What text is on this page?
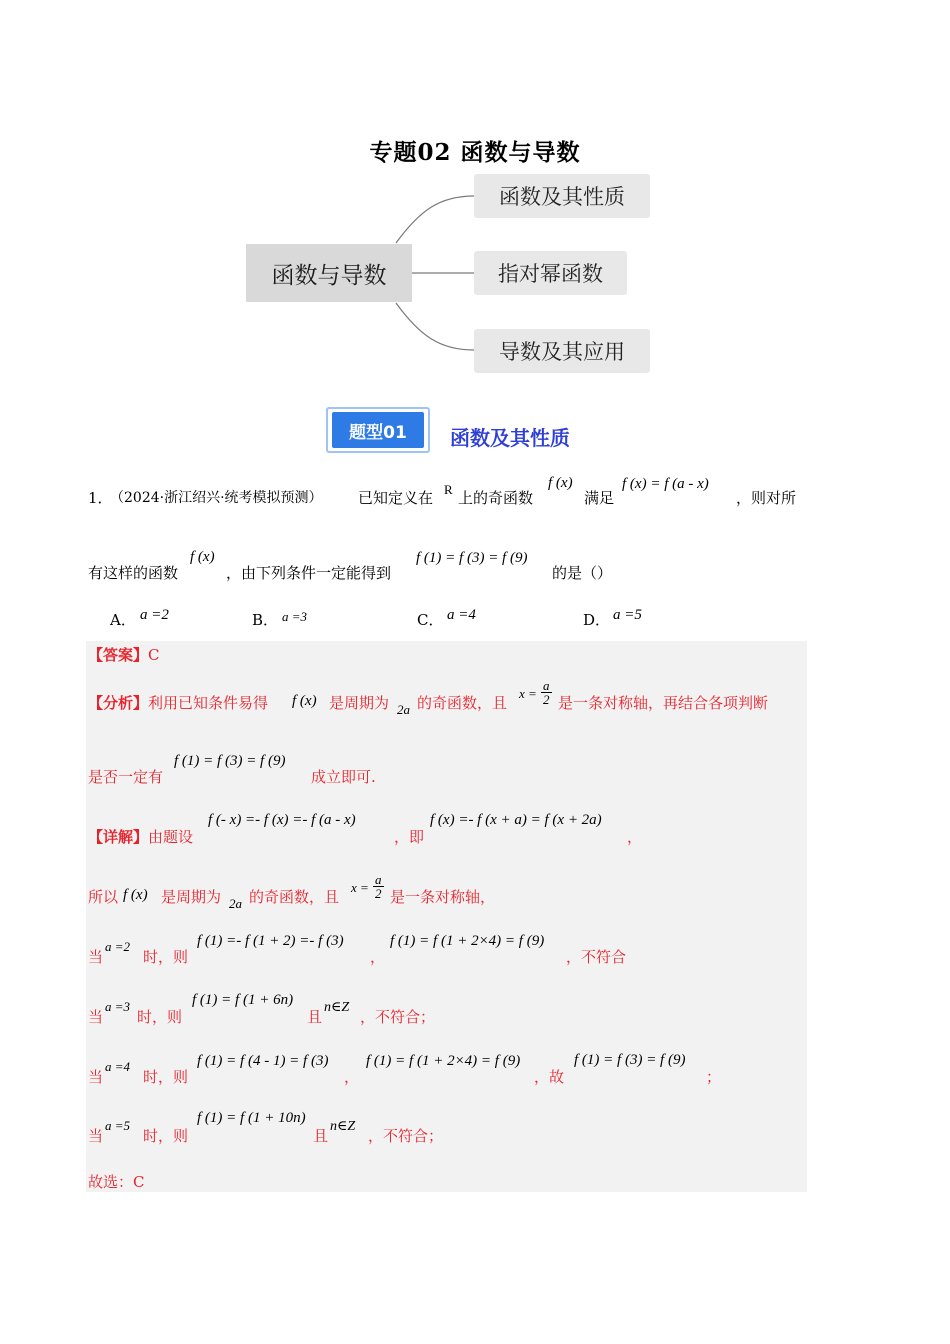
专题02 函数与导数
函数与导数
函数及其性质
指对幂函数
导数及其应用
题型01	函数及其性质
1．
（2024·浙江绍兴·统考模拟预测） 已知定义在 R 上的奇函数
f (x)
满足
f (x) = f (a - x)
，则对所
有这样的函数
f (x)
，由下列条件一定能得到
f (1) = f (3) = f (9)
的是（）
A． a =2	B． a =3	C． a =4	D． a =5
【答案】C
【分析】利用已知条件易得 f (x) 是周期为 2a 的奇函数，且
$x = \frac{a}{2}$ 是一条对称轴，再结合各项判断
是否一定有
f (1) = f (3) = f (9)
成立即可.
【详解】由题设
f (- x) =- f (x) =- f (a - x)
，即
f (x) =- f (x + a) = f (x + 2a)
，
所以 f (x) 是周期为 2a 的奇函数，且
$x = \frac{a}{2}$ 是一条对称轴，
当
a =2
时，则
f (1) =- f (1 + 2) =- f (3)
，
f (1) = f (1 + 2×4) = f (9)
，不符合
当
a =3
时，则
f (1) = f (1 + 6n)
且
n∈Z
，不符合；
当
a =4
时，则
f (1) = f (4 - 1) = f (3)
，
f (1) = f (1 + 2×4) = f (9)
，故
f (1) = f (3) = f (9)
；
当
a =5
时，则
f (1) = f (1 + 10n)
且
n∈Z
，不符合；
故选：C
